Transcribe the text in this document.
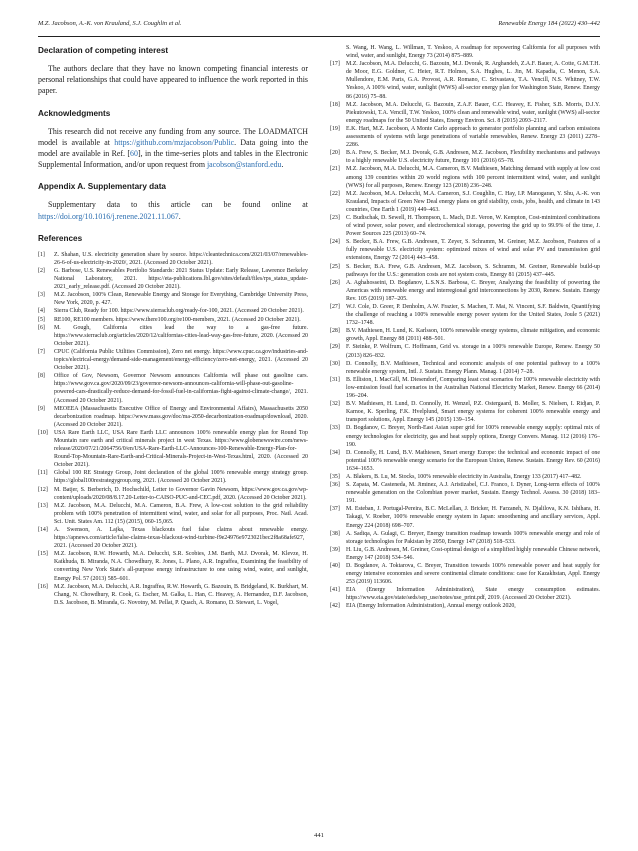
M.Z. Jacobson, A.-K. von Krauland, S.J. Coughlin et al.	Renewable Energy 184 (2022) 430–442
Declaration of competing interest

The authors declare that they have no known competing financial interests or personal relationships that could have appeared to influence the work reported in this paper.

Acknowledgments

This research did not receive any funding from any source. The LOADMATCH model is available at https://github.com/mzjacobson/Public. Data going into the model are available in Ref. [60], in the time-series plots and tables in the Electronic Supplemental Information, and/or upon request from jacobson@stanford.edu.

Appendix A. Supplementary data

Supplementary data to this article can be found online at https://doi.org/10.1016/j.renene.2021.11.067.

References
[1]	Z. Shahan, U.S. electricity generation share by source. https://cleantechnica.com/2021/03/07/renewables-26-6-of-us-electricity-in-2020/, 2021. (Accessed 20 October 2021).
[2]	G. Barbose, U.S. Renewables Portfolio Standards: 2021 Status Update: Early Release, Lawrence Berkeley National Laboratory, 2021. https://eta-publications.lbl.gov/sites/default/files/rps_status_update-2021_early_release.pdf. (Accessed 20 October 2021).
[3]	M.Z. Jacobson, 100% Clean, Renewable Energy and Storage for Everything, Cambridge University Press, New York, 2020, p. 427.
[4]	Sierra Club, Ready for 100. https://www.sierraclub.org/ready-for-100, 2021. (Accessed 20 October 2021).
[5]	RE100, RE100 members. https://www.there100.org/re100-members, 2021. (Accessed 20 October 2021).
[6]	M. Gough, California cities lead the way to a gas-free future. https://www.sierraclub.org/articles/2020/12/californias-cities-lead-way-gas-free-future, 2020. (Accessed 20 October 2021).
[7]	CPUC (California Public Utilities Commission), Zero net energy. https://www.cpuc.ca.gov/industries-and-topics/electrical-energy/demand-side-management/energy-efficiency/zero-net-energy, 2021. (Accessed 20 October 2021).
[8]	Office of Gov, Newsom, Governor Newsom announces California will phase out gasoline cars. https://www.gov.ca.gov/2020/09/23/governor-newsom-announces-california-will-phase-out-gasoline-powered-cars-drastically-reduce-demand-for-fossil-fuel-in-californias-fight-against-climate-change/, 2021. (Accessed 20 October 2021).
[9]	MEOEEA (Massachusetts Executive Office of Energy and Environmental Affairs), Massachusetts 2050 decarbonization roadmap. https://www.mass.gov/doc/ma-2050-decarbonization-roadmap/download, 2020. (Accessed 20 October 2021).
[10]	USA Rare Earth LLC, USA Rare Earth LLC announces 100% renewable energy plan for Round Top Mountain rare earth and critical minerals project in west Texas. https://www.globenewswire.com/news-release/2020/07/21/2064756/0/en/USA-Rare-Earth-LLC-Announces-100-Renewable-Energy-Plan-for-Round-Top-Mountain-Rare-Earth-and-Critical-Minerals-Project-in-West-Texas.html, 2020. (Accessed 20 October 2021).
[11]	Global 100 RE Strategy Group, Joint declaration of the global 100% renewable energy strategy group. https://global100restrategygroup.org, 2021. (Accessed 20 October 2021).
[12]	M. Batjer, S. Berberich, D. Hochschild, Letter to Governor Gavin Newsom, https://www.gov.ca.gov/wp-content/uploads/2020/08/8.17.20-Letter-to-CAISO-PUC-and-CEC.pdf, 2020. (Accessed 20 October 2021).
[13]	M.Z. Jacobson, M.A. Delucchi, M.A. Cameron, B.A. Frew, A low-cost solution to the grid reliability problem with 100% penetration of intermittent wind, water, and solar for all purposes, Proc. Natl. Acad. Sci. Unit. States Am. 112 (15) (2015), 060-15,065.
[14]	A. Swenson, A. Lajka, Texas blackouts fuel false claims about renewable energy. https://apnews.com/article/false-claims-texas-blackout-wind-turbine-f9e24976e9723021bec2f8a68afe927, 2021. (Accessed 20 October 2021).
[15]	M.Z. Jacobson, R.W. Howarth, M.A. Delucchi, S.R. Scobies, J.M. Barth, M.J. Dvorak, M. Klevze, H. Katkhuda, B. Miranda, N.A. Chowdhury, R. Jones, L. Plano, A.R. Ingraffea, Examining the feasibility of converting New York State's all-purpose energy infrastructure to one using wind, water, and sunlight, Energy Pol. 57 (2013) 585–601.
[16]	M.Z. Jacobson, M.A. Delucchi, A.R. Ingraffea, R.W. Howarth, G. Bazouin, B. Bridgeland, K. Burkhart, M. Chang, N. Chowdhury, R. Cook, G. Escher, M. Galka, L. Han, C. Heavey, A. Hernandez, D.F. Jacobson, D.S. Jacobson, B. Miranda, G. Novotny, M. Pellat, P. Quach, A. Romano, D. Stewart, L. Vogel,
S. Wang, H. Wang, L. Willman, T. Yeskoo, A roadmap for repowering California for all purposes with wind, water, and sunlight, Energy 73 (2014) 875–889.
[17]	M.Z. Jacobson, M.A. Delucchi, G. Bazouin, M.J. Dvorak, R. Arghandeh, Z.A.F. Bauer, A. Cotte, G.M.T.H. de Moor, E.G. Goldner, C. Heier, R.T. Holmes, S.A. Hughes, L. Jin, M. Kapadia, C. Menon, S.A. Mullendore, E.M. Paris, G.A. Provost, A.R. Romano, C. Srivastava, T.A. Vencill, N.S. Whitney, T.W. Yeskoo, A 100% wind, water, sunlight (WWS) all-sector energy plan for Washington State, Renew. Energy 86 (2016) 75–88.
[18]	M.Z. Jacobson, M.A. Delucchi, G. Bazouin, Z.A.F. Bauer, C.C. Heavey, E. Fisher, S.B. Morris, D.J.Y. Piekutowski, T.A. Vencill, T.W. Yeskoo, 100% clean and renewable wind, water, sunlight (WWS) all-sector energy roadmaps for the 50 United States, Energy Environ. Sci. 8 (2015) 2093–2117.
[19]	E.K. Hart, M.Z. Jacobson, A Monte Carlo approach to generator portfolio planning and carbon emissions assessments of systems with large penetrations of variable renewables, Renew. Energy 23 (2011) 2278–2286.
[20]	B.A. Frew, S. Becker, M.J. Dvorak, G.B. Andresen, M.Z. Jacobson, Flexibility mechanisms and pathways to a highly renewable U.S. electricity future, Energy 101 (2016) 65–78.
[21]	M.Z. Jacobson, M.A. Delucchi, M.A. Cameron, B.V. Mathiesen, Matching demand with supply at low cost among 139 countries within 20 world regions with 100 percent intermittent wind, water, and sunlight (WWS) for all purposes, Renew. Energy 123 (2018) 236–248.
[22]	M.Z. Jacobson, M.A. Delucchi, M.A. Cameron, S.J. Coughlin, C. Hay, I.P. Manogaran, Y. Shu, A.-K. von Krauland, Impacts of Green New Deal energy plans on grid stability, costs, jobs, health, and climate in 143 countries, One Earth 1 (2019) 449–463.
[23]	C. Budischak, D. Sewell, H. Thompson, L. Mach, D.E. Veron, W. Kempton, Cost-minimized combinations of wind power, solar power, and electrochemical storage, powering the grid up to 99.9% of the time, J. Power Sources 225 (2013) 60–74.
[24]	S. Becker, B.A. Frew, G.B. Andresen, T. Zeyer, S. Schramm, M. Greiner, M.Z. Jacobson, Features of a fully renewable U.S. electricity system: optimized mixes of wind and solar PV and transmission grid extensions, Energy 72 (2014) 443–458.
[25]	S. Becker, B.A. Frew, G.B. Andresen, M.Z. Jacobson, S. Schramm, M. Greiner, Renewable build-up pathways for the U.S.: generation costs are not system costs, Energy 81 (2015) 437–445.
[26]	A. Aghahosseini, D. Bogdanov, L.S.N.S. Barbosa, C. Breyer, Analyzing the feasibility of powering the Americas with renewable energy and interregional grid interconnections by 2030, Renew. Sustain. Energy Rev. 105 (2019) 187–205.
[27]	W.J. Cole, D. Greer, P. Denholm, A.W. Frazier, S. Machen, T. Mai, N. Vincent, S.F. Baldwin, Quantifying the challenge of reaching a 100% renewable energy power system for the United States, Joule 5 (2021) 1732–1748.
[28]	B.V. Mathiesen, H. Lund, K. Karlsson, 100% renewable energy systems, climate mitigation, and economic growth, Appl. Energy 88 (2011) 488–501.
[29]	F. Steinke, P. Wolfrum, C. Hoffmann, Grid vs. storage in a 100% renewable Europe, Renew. Energy 50 (2013) 826–832.
[30]	D. Connolly, B.V. Mathiesen, Technical and economic analysis of one potential pathway to a 100% renewable energy system, Intl. J. Sustain. Energy Plann. Manag. 1 (2014) 7–28.
[31]	B. Elliston, I. MacGill, M. Diesendorf, Comparing least cost scenarios for 100% renewable electricity with low-emission fossil fuel scenarios in the Australian National Electricity Market, Renew. Energy 66 (2014) 196–204.
[32]	B.V. Mathiesen, H. Lund, D. Connolly, H. Wenzel, P.Z. Ostergaard, B. Moller, S. Nielsen, I. Ridjan, P. Karnoe, K. Sperling, F.K. Hvelplund, Smart energy systems for coherent 100% renewable energy and transport solutions, Appl. Energy 145 (2015) 139–154.
[33]	D. Bogdanov, C. Breyer, North-East Asian super grid for 100% renewable energy supply: optimal mix of energy technologies for electricity, gas and heat supply options, Energy Convers. Manag. 112 (2016) 176–190.
[34]	D. Connolly, H. Lund, B.V. Mathiesen, Smart energy Europe: the technical and economic impact of one potential 100% renewable energy scenario for the European Union, Renew. Sustain. Energy Rev. 60 (2016) 1634–1653.
[35]	A. Blakers, B. Lu, M. Stocks, 100% renewable electricity in Australia, Energy 133 (2017) 417–482.
[36]	S. Zapata, M. Casteneda, M. Jiminez, A.J. Aristizabel, C.J. Franco, I. Dyner, Long-term effects of 100% renewable generation on the Colombian power market, Sustain. Energy Technol. Assess. 30 (2018) 183–191.
[37]	M. Esteban, J. Portugal-Pereira, B.C. McLellan, J. Bricker, H. Farzaneh, N. Djalilova, K.N. Ishihara, H. Takagi, V. Roeber, 100% renewable energy system in Japan: smoothening and ancillary services, Appl. Energy 224 (2018) 698–707.
[38]	A. Sadiqa, A. Gulagi, C. Breyer, Energy transition roadmap towards 100% renewable energy and role of storage technologies for Pakistan by 2050, Energy 147 (2018) 518–533.
[39]	H. Liu, G.B. Andresen, M. Greiner, Cost-optimal design of a simplified highly renewable Chinese network, Energy 147 (2018) 534–546.
[40]	D. Bogdanov, A. Toktarova, C. Breyer, Transition towards 100% renewable power and heat supply for energy intensive economies and severe continental climate conditions: case for Kazakhstan, Appl. Energy 253 (2019) 113606.
[41]	EIA (Energy Information Administration), State energy consumption estimates. https://www.eia.gov/state/seds/sep_use/notes/use_print.pdf, 2019. (Accessed 20 October 2021).
[42]	EIA (Energy Information Administration), Annual energy outlook 2020,
441
